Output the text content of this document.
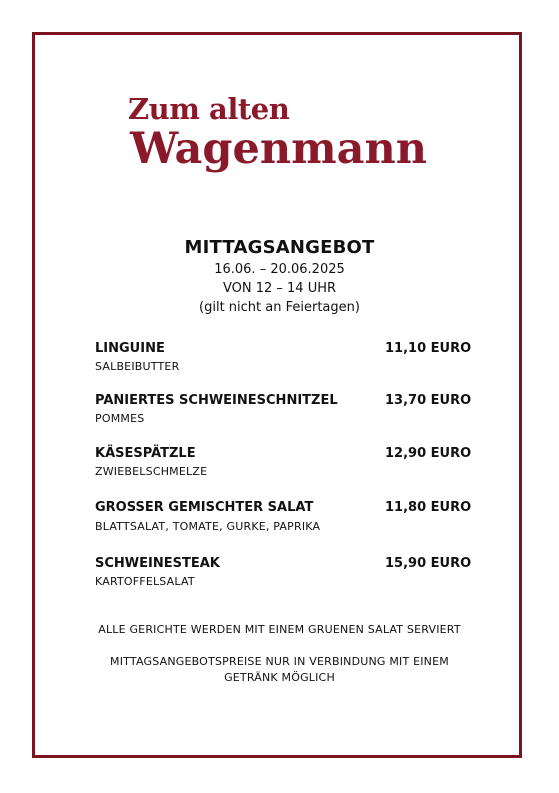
Zum alten
Wagenmann
MITTAGSANGEBOT
16.06. – 20.06.2025
VON 12 – 14 UHR
(gilt nicht an Feiertagen)
LINGUINE	11,10 EURO
SALBEIBUTTER
PANIERTES SCHWEINESCHNITZEL	13,70 EURO
POMMES
KÄSESPÄTZLE	12,90 EURO
ZWIEBELSCHMELZE
GROSSER GEMISCHTER SALAT	11,80 EURO
BLATTSALAT, TOMATE, GURKE, PAPRIKA
SCHWEINESTEAK	15,90 EURO
KARTOFFELSALAT
ALLE GERICHTE WERDEN MIT EINEM GRUENEN SALAT SERVIERT
MITTAGSANGEBOTSPREISE NUR IN VERBINDUNG MIT EINEM
GETRÄNK MÖGLICH
